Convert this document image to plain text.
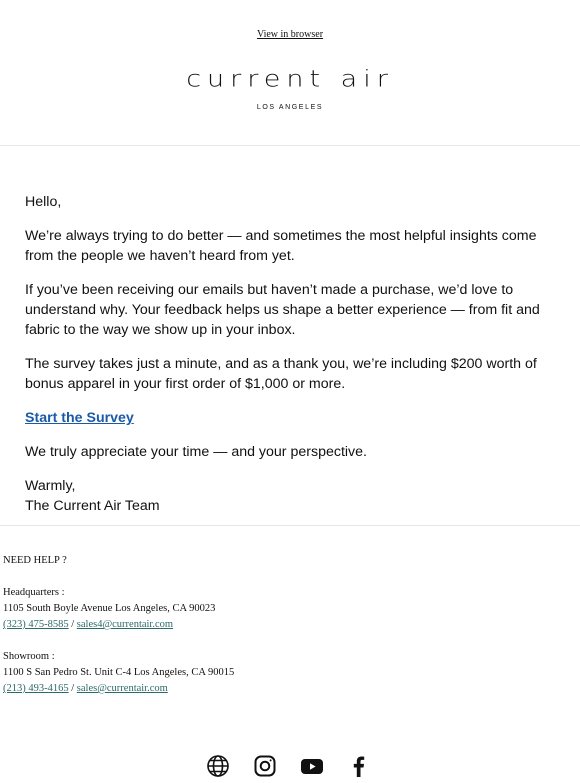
View in browser
current air
LOS ANGELES

Hello,

We’re always trying to do better — and sometimes the most helpful insights come from the people we haven’t heard from yet.

If you’ve been receiving our emails but haven’t made a purchase, we’d love to understand why. Your feedback helps us shape a better experience — from fit and fabric to the way we show up in your inbox.

The survey takes just a minute, and as a thank you, we’re including $200 worth of bonus apparel in your first order of $1,000 or more.

Start the Survey

We truly appreciate your time — and your perspective.

Warmly,

The Current Air Team

NEED HELP ?
Headquarters :
1105 South Boyle Avenue Los Angeles, CA 90023
(323) 475-8585 / sales4@currentair.com
Showroom :
1100 S San Pedro St. Unit C-4 Los Angeles, CA 90015
(213) 493-4165 / sales@currentair.com
